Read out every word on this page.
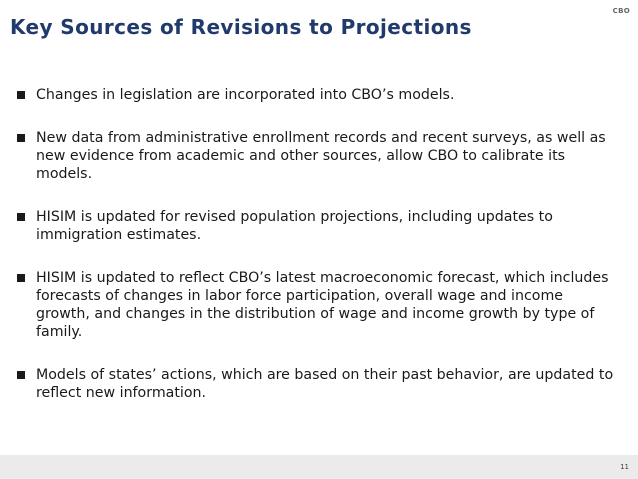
CBO
Key Sources of Revisions to Projections
Changes in legislation are incorporated into CBO’s models.
New data from administrative enrollment records and recent surveys, as well as new evidence from academic and other sources, allow CBO to calibrate its models.
HISIM is updated for revised population projections, including updates to immigration estimates.
HISIM is updated to reflect CBO’s latest macroeconomic forecast, which includes forecasts of changes in labor force participation, overall wage and income growth, and changes in the distribution of wage and income growth by type of family.
Models of states’ actions, which are based on their past behavior, are updated to reflect new information.
11
